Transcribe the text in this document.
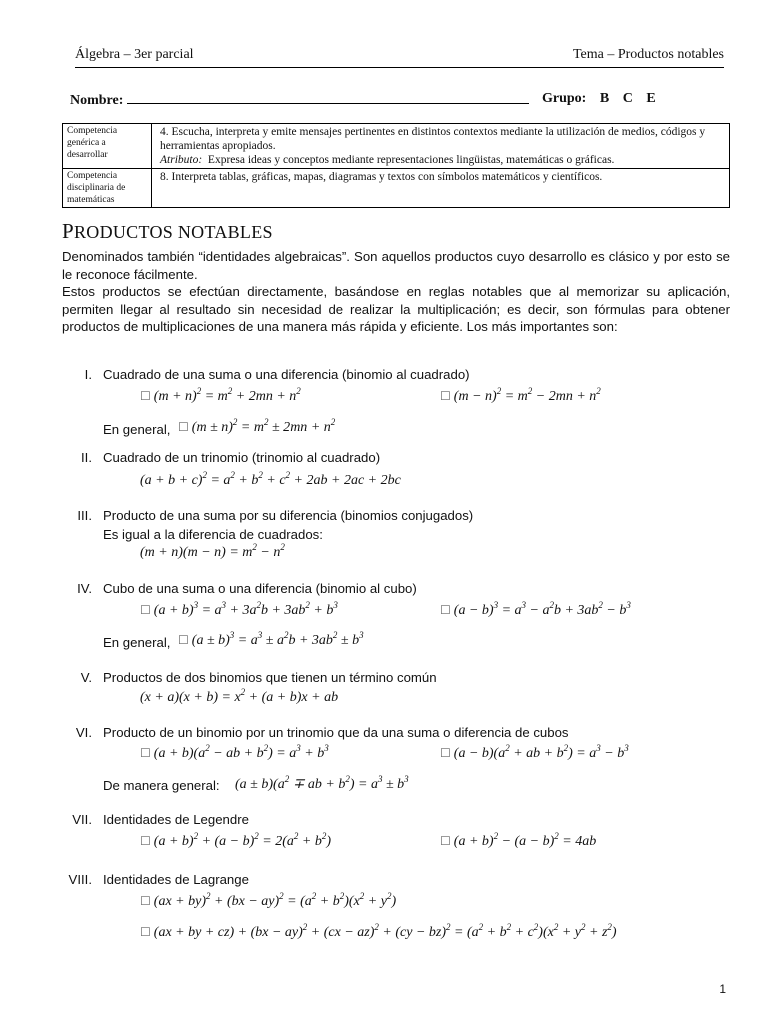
Álgebra – 3er parcial	Tema – Productos notables
Nombre:	Grupo: B C E
Competencia genérica a desarrollar	4. Escucha, interpreta y emite mensajes pertinentes en distintos contextos mediante la utilización de medios, códigos y herramientas apropiados.
Atributo: Expresa ideas y conceptos mediante representaciones lingüistas, matemáticas o gráficas.

Competencia disciplinaria de matemáticas	8. Interpreta tablas, gráficas, mapas, diagramas y textos con símbolos matemáticos y científicos.
PRODUCTOS NOTABLES

Denominados también “identidades algebraicas”. Son aquellos productos cuyo desarrollo es clásico y por esto se le reconoce fácilmente.

Estos productos se efectúan directamente, basándose en reglas notables que al memorizar su aplicación, permiten llegar al resultado sin necesidad de realizar la multiplicación; es decir, son fórmulas para obtener productos de multiplicaciones de una manera más rápida y eficiente. Los más importantes son:

I. Cuadrado de una suma o una diferencia (binomio al cuadrado)
☐ $(m + n)^2 = m^2 + 2mn + n^2$	☐ $(m - n)^2 = m^2 - 2mn + n^2$
En general, ☐ $(m \pm n)^2 = m^2 \pm 2mn + n^2$
II. Cuadrado de un trinomio (trinomio al cuadrado)
$(a + b + c)^2 = a^2 + b^2 + c^2 + 2ab + 2ac + 2bc$
III. Producto de una suma por su diferencia (binomios conjugados)
Es igual a la diferencia de cuadrados:
$(m + n)(m - n) = m^2 - n^2$
IV. Cubo de una suma o una diferencia (binomio al cubo)
☐ $(a + b)^3 = a^3 + 3a^2b + 3ab^2 + b^3$	☐ $(a - b)^3 = a^3 - a^2b + 3ab^2 - b^3$
En general, ☐ $(a \pm b)^3 = a^3 \pm a^2b + 3ab^2 \pm b^3$
V. Productos de dos binomios que tienen un término común
$(x + a)(x + b) = x^2 + (a + b)x$ + ab
VI. Producto de un binomio por un trinomio que da una suma o diferencia de cubos
☐ $(a + b)(a^2$ − ab + $b^2) = a^3 + b^3$	☐ $(a - b)(a^2$ + ab + $b^2) = a^3 - b^3$
De manera general: $(a \pm b)(a^2$ ∓ ab + $b^2) = a^3 \pm b^3$
VII. Identidades de Legendre
☐ $(a + b)^2 + (a - b)^2 = 2(a^2 + b^2)$	☐ $(a + b)^2 - (a - b)^2 = 4ab$
VIII. Identidades de Lagrange
☐ $(ax + by)^2 + (bx - ay)^2 = (a^2 + b^2)(x^2 + y^2)$
☐ (ax + by + $cz) + (bx - ay)^2 + (cx - az)^2 + (cy - bz)^2 = (a^2 + b^2 + c^2)(x^2 + y^2 + z^2)$
1
